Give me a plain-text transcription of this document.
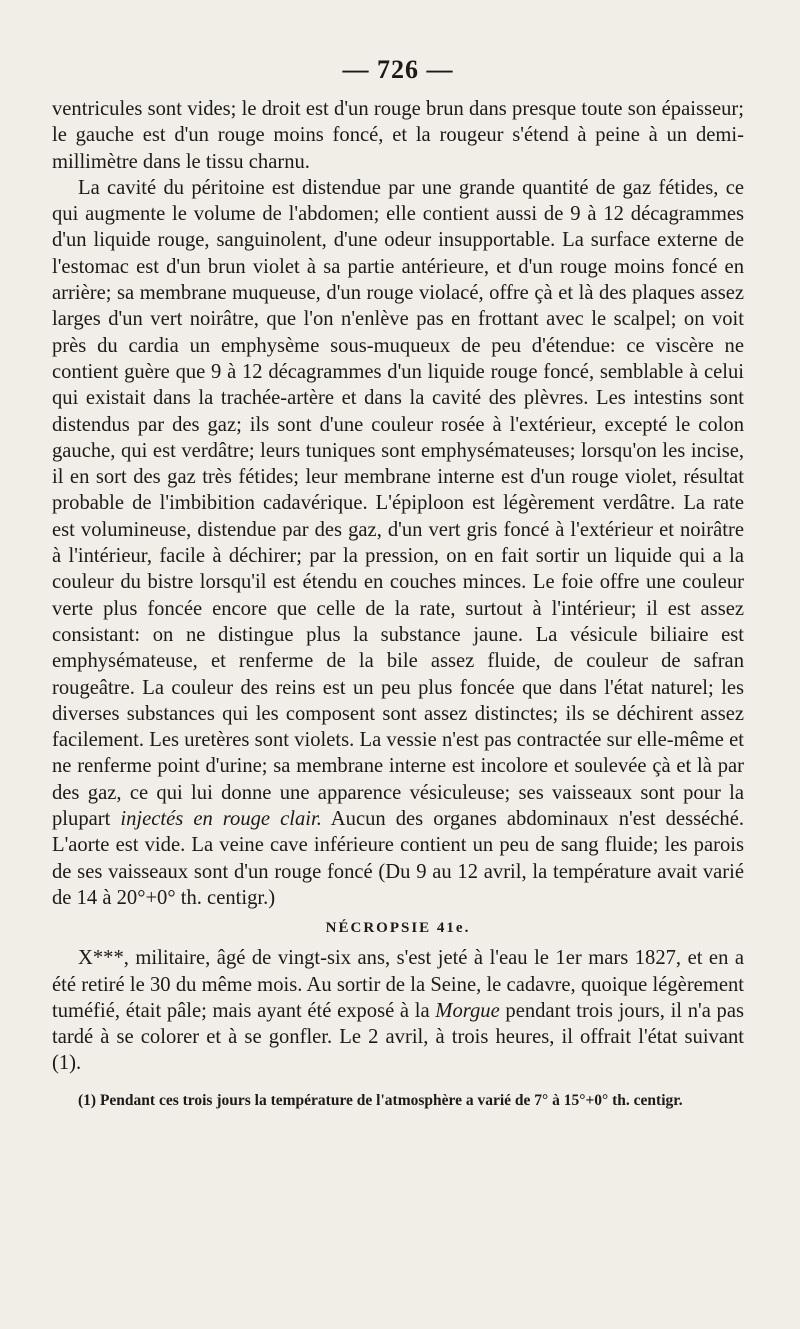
— 726 —

ventricules sont vides; le droit est d'un rouge brun dans presque toute son épaisseur; le gauche est d'un rouge moins foncé, et la rougeur s'étend à peine à un demi-millimètre dans le tissu charnu.

La cavité du péritoine est distendue par une grande quantité de gaz fétides, ce qui augmente le volume de l'abdomen; elle contient aussi de 9 à 12 décagrammes d'un liquide rouge, sanguinolent, d'une odeur insupportable. La surface externe de l'estomac est d'un brun violet à sa partie antérieure, et d'un rouge moins foncé en arrière; sa membrane muqueuse, d'un rouge violacé, offre çà et là des plaques assez larges d'un vert noirâtre, que l'on n'enlève pas en frottant avec le scalpel; on voit près du cardia un emphysème sous-muqueux de peu d'étendue: ce viscère ne contient guère que 9 à 12 décagrammes d'un liquide rouge foncé, semblable à celui qui existait dans la trachée-artère et dans la cavité des plèvres. Les intestins sont distendus par des gaz; ils sont d'une couleur rosée à l'extérieur, excepté le colon gauche, qui est verdâtre; leurs tuniques sont emphysémateuses; lorsqu'on les incise, il en sort des gaz très fétides; leur membrane interne est d'un rouge violet, résultat probable de l'imbibition cadavérique. L'épiploon est légèrement verdâtre. La rate est volumineuse, distendue par des gaz, d'un vert gris foncé à l'extérieur et noirâtre à l'intérieur, facile à déchirer; par la pression, on en fait sortir un liquide qui a la couleur du bistre lorsqu'il est étendu en couches minces. Le foie offre une couleur verte plus foncée encore que celle de la rate, surtout à l'intérieur; il est assez consistant: on ne distingue plus la substance jaune. La vésicule biliaire est emphysémateuse, et renferme de la bile assez fluide, de couleur de safran rougeâtre. La couleur des reins est un peu plus foncée que dans l'état naturel; les diverses substances qui les composent sont assez distinctes; ils se déchirent assez facilement. Les uretères sont violets. La vessie n'est pas contractée sur elle-même et ne renferme point d'urine; sa membrane interne est incolore et soulevée çà et là par des gaz, ce qui lui donne une apparence vésiculeuse; ses vaisseaux sont pour la plupart injectés en rouge clair. Aucun des organes abdominaux n'est desséché. L'aorte est vide. La veine cave inférieure contient un peu de sang fluide; les parois de ses vaisseaux sont d'un rouge foncé (Du 9 au 12 avril, la température avait varié de 14 à 20°+0° th. centigr.)

NÉCROPSIE 41e.

X***, militaire, âgé de vingt-six ans, s'est jeté à l'eau le 1er mars 1827, et en a été retiré le 30 du même mois. Au sortir de la Seine, le cadavre, quoique légèrement tuméfié, était pâle; mais ayant été exposé à la Morgue pendant trois jours, il n'a pas tardé à se colorer et à se gonfler. Le 2 avril, à trois heures, il offrait l'état suivant (1).

(1) Pendant ces trois jours la température de l'atmosphère a varié de 7° à 15°+0° th. centigr.
